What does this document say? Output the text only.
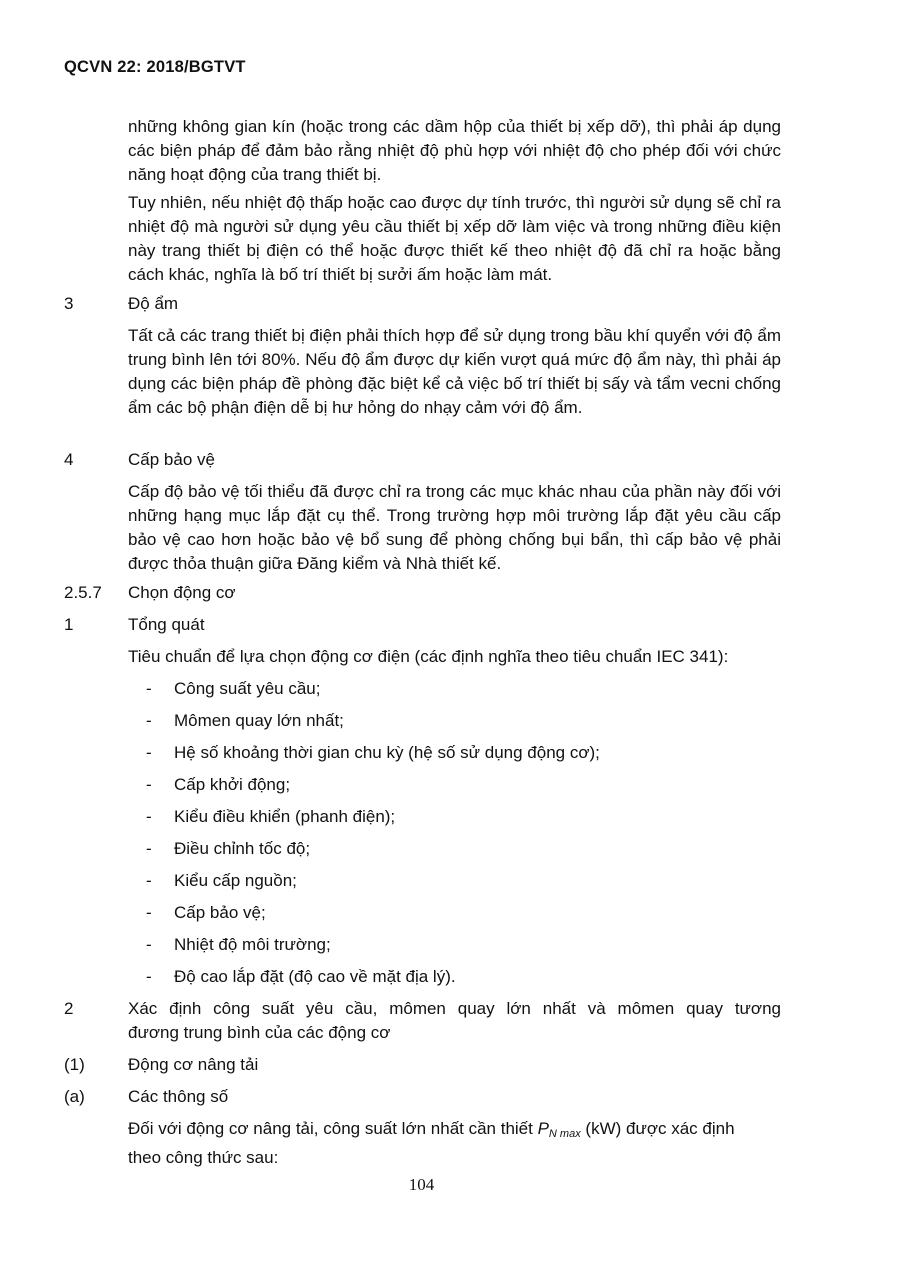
QCVN 22: 2018/BGTVT

những không gian kín (hoặc trong các dầm hộp của thiết bị xếp dỡ), thì phải áp dụng các biện pháp để đảm bảo rằng nhiệt độ phù hợp với nhiệt độ cho phép đối với chức năng hoạt động của trang thiết bị.

Tuy nhiên, nếu nhiệt độ thấp hoặc cao được dự tính trước, thì người sử dụng sẽ chỉ ra nhiệt độ mà người sử dụng yêu cầu thiết bị xếp dỡ làm việc và trong những điều kiện này trang thiết bị điện có thể hoặc được thiết kế theo nhiệt độ đã chỉ ra hoặc bằng cách khác, nghĩa là bố trí thiết bị sưởi ấm hoặc làm mát.

3	Độ ẩm

Tất cả các trang thiết bị điện phải thích hợp để sử dụng trong bầu khí quyển với độ ẩm trung bình lên tới 80%. Nếu độ ẩm được dự kiến vượt quá mức độ ẩm này, thì phải áp dụng các biện pháp đề phòng đặc biệt kể cả việc bố trí thiết bị sấy và tẩm vecni chống ẩm các bộ phận điện dễ bị hư hỏng do nhạy cảm với độ ẩm.

4	Cấp bảo vệ

Cấp độ bảo vệ tối thiểu đã được chỉ ra trong các mục khác nhau của phần này đối với những hạng mục lắp đặt cụ thể. Trong trường hợp môi trường lắp đặt yêu cầu cấp bảo vệ cao hơn hoặc bảo vệ bổ sung để phòng chống bụi bẩn, thì cấp bảo vệ phải được thỏa thuận giữa Đăng kiểm và Nhà thiết kế.

2.5.7 Chọn động cơ
1	Tổng quát

Tiêu chuẩn để lựa chọn động cơ điện (các định nghĩa theo tiêu chuẩn IEC 341):

- Công suất yêu cầu;
- Mômen quay lớn nhất;
- Hệ số khoảng thời gian chu kỳ (hệ số sử dụng động cơ);
- Cấp khởi động;
- Kiểu điều khiển (phanh điện);
- Điều chỉnh tốc độ;
- Kiểu cấp nguồn;
- Cấp bảo vệ;
- Nhiệt độ môi trường;
- Độ cao lắp đặt (độ cao về mặt địa lý).
2	Xác định công suất yêu cầu, mômen quay lớn nhất và mômen quay tương
đương trung bình của các động cơ
(1)	Động cơ nâng tải
(a)	Các thông số
Đối với động cơ nâng tải, công suất lớn nhất cần thiết $P_{N max}$ (kW) được xác định
theo công thức sau:
104
